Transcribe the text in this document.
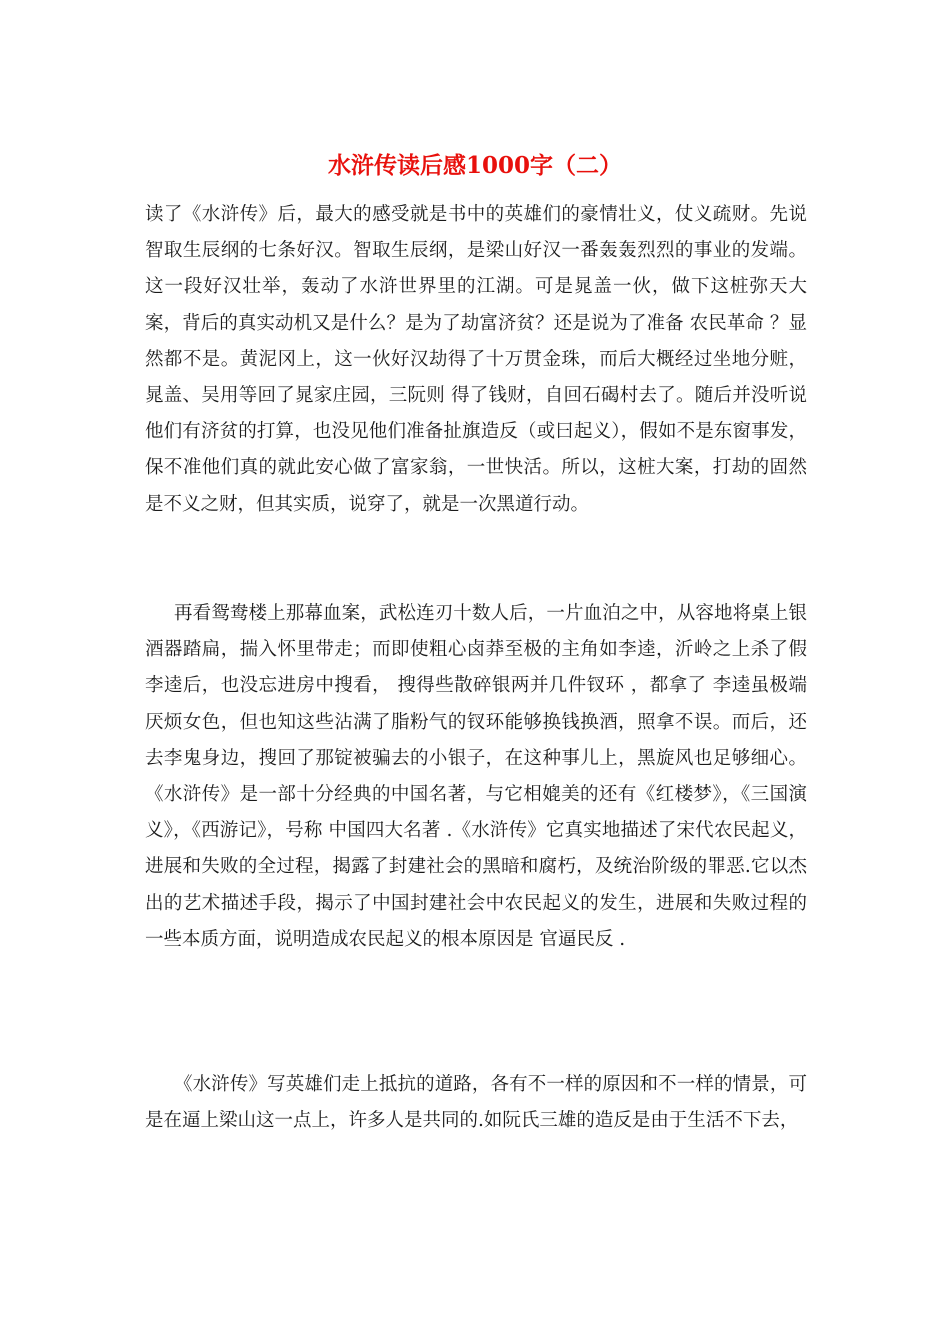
水浒传读后感1000字（二）

读了《水浒传》后，最大的感受就是书中的英雄们的豪情壮义，仗义疏财。先说智取生辰纲的七条好汉。智取生辰纲，是梁山好汉一番轰轰烈烈的事业的发端。这一段好汉壮举，轰动了水浒世界里的江湖。可是晁盖一伙，做下这桩弥天大案，背后的真实动机又是什么？是为了劫富济贫？还是说为了准备 农民革命 ？显然都不是。黄泥冈上，这一伙好汉劫得了十万贯金珠，而后大概经过坐地分赃，晁盖、吴用等回了晁家庄园，三阮则 得了钱财，自回石碣村去了。随后并没听说他们有济贫的打算，也没见他们准备扯旗造反（或曰起义），假如不是东窗事发，保不准他们真的就此安心做了富家翁，一世快活。所以，这桩大案，打劫的固然是不义之财，但其实质，说穿了，就是一次黑道行动。

再看鸳鸯楼上那幕血案，武松连刃十数人后，一片血泊之中，从容地将桌上银酒器踏扁，揣入怀里带走；而即使粗心卤莽至极的主角如李逵，沂岭之上杀了假李逵后，也没忘进房中搜看， 搜得些散碎银两并几件钗环 ，都拿了 李逵虽极端厌烦女色，但也知这些沾满了脂粉气的钗环能够换钱换酒，照拿不误。而后，还去李鬼身边，搜回了那锭被骗去的小银子，在这种事儿上，黑旋风也足够细心。《水浒传》是一部十分经典的中国名著，与它相媲美的还有《红楼梦》，《三国演义》，《西游记》，号称 中国四大名著 .《水浒传》它真实地描述了宋代农民起义，进展和失败的全过程，揭露了封建社会的黑暗和腐朽，及统治阶级的罪恶.它以杰出的艺术描述手段，揭示了中国封建社会中农民起义的发生，进展和失败过程的一些本质方面，说明造成农民起义的根本原因是 官逼民反 .

《水浒传》写英雄们走上抵抗的道路，各有不一样的原因和不一样的情景，可是在逼上梁山这一点上，许多人是共同的.如阮氏三雄的造反是由于生活不下去，
